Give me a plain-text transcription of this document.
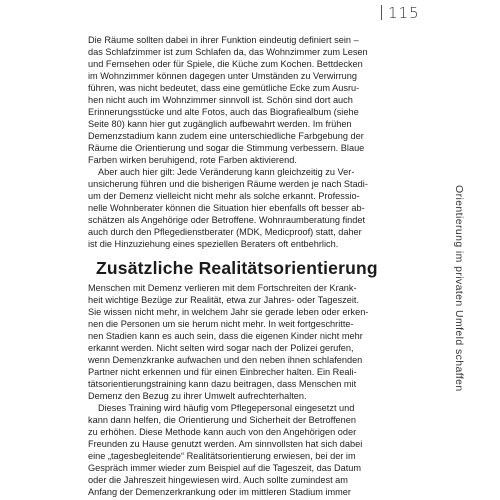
115
Orientierung im privaten Umfeld schaffen

Die Räume sollten dabei in ihrer Funktion eindeutig definiert sein –
das Schlafzimmer ist zum Schlafen da, das Wohnzimmer zum Lesen
und Fernsehen oder für Spiele, die Küche zum Kochen. Bettdecken
im Wohnzimmer können dagegen unter Umständen zu Verwirrung
führen, was nicht bedeutet, dass eine gemütliche Ecke zum Ausru-
hen nicht auch im Wohnzimmer sinnvoll ist. Schön sind dort auch
Erinnerungsstücke und alte Fotos, auch das Biografiealbum (siehe
Seite 80) kann hier gut zugänglich aufbewahrt werden. Im frühen
Demenzstadium kann zudem eine unterschiedliche Farbgebung der
Räume die Orientierung und sogar die Stimmung verbessern. Blaue
Farben wirken beruhigend, rote Farben aktivierend.

Aber auch hier gilt: Jede Veränderung kann gleichzeitig zu Ver-
unsicherung führen und die bisherigen Räume werden je nach Stadi-
um der Demenz vielleicht nicht mehr als solche erkannt. Professio-
nelle Wohnberater können die Situation hier ebenfalls oft besser ab-
schätzen als Angehörige oder Betroffene. Wohnraumberatung findet
auch durch den Pflegedienstberater (MDK, Medicproof) statt, daher
ist die Hinzuziehung eines speziellen Beraters oft entbehrlich.

Zusätzliche Realitätsorientierung

Menschen mit Demenz verlieren mit dem Fortschreiten der Krank-
heit wichtige Bezüge zur Realität, etwa zur Jahres- oder Tageszeit.
Sie wissen nicht mehr, in welchem Jahr sie gerade leben oder erken-
nen die Personen um sie herum nicht mehr. In weit fortgeschritte-
nen Stadien kann es auch sein, dass die eigenen Kinder nicht mehr
erkannt werden. Nicht selten wird sogar nach der Polizei gerufen,
wenn Demenzkranke aufwachen und den neben ihnen schlafenden
Partner nicht erkennen und für einen Einbrecher halten. Ein Reali-
tätsorientierungstraining kann dazu beitragen, dass Menschen mit
Demenz den Bezug zu ihrer Umwelt aufrechterhalten.

Dieses Training wird häufig vom Pflegepersonal eingesetzt und
kann dann helfen, die Orientierung und Sicherheit der Betroffenen
zu erhöhen. Diese Methode kann auch von den Angehörigen oder
Freunden zu Hause genutzt werden. Am sinnvollsten hat sich dabei
eine „tagesbegleitende“ Realitätsorientierung erwiesen, bei der im
Gespräch immer wieder zum Beispiel auf die Tageszeit, das Datum
oder die Jahreszeit hingewiesen wird. Auch sollte zumindest am
Anfang der Demenzerkrankung oder im mittleren Stadium immer
